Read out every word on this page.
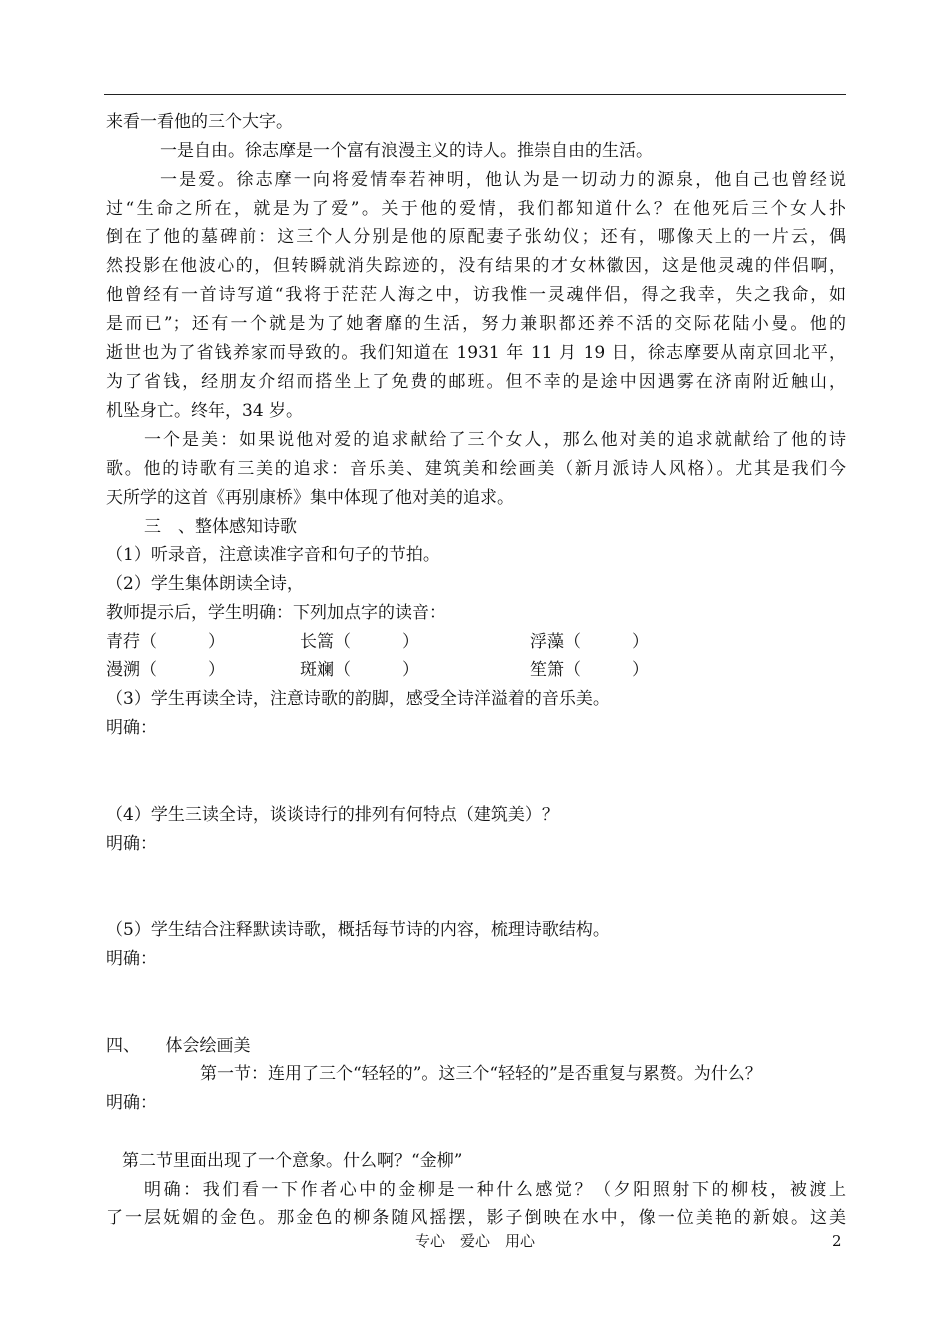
来看一看他的三个大字。
一是自由。徐志摩是一个富有浪漫主义的诗人。推崇自由的生活。
一是爱。徐志摩一向将爱情奉若神明，他认为是一切动力的源泉，他自己也曾经说
过“生命之所在，就是为了爱”。关于他的爱情，我们都知道什么？在他死后三个女人扑
倒在了他的墓碑前：这三个人分别是他的原配妻子张幼仪；还有，哪像天上的一片云，偶
然投影在他波心的，但转瞬就消失踪迹的，没有结果的才女林徽因，这是他灵魂的伴侣啊，
他曾经有一首诗写道“我将于茫茫人海之中，访我惟一灵魂伴侣，得之我幸，失之我命，如
是而已”；还有一个就是为了她奢靡的生活，努力兼职都还养不活的交际花陆小曼。他的
逝世也为了省钱养家而导致的。我们知道在 1931 年 11 月 19 日，徐志摩要从南京回北平，
为了省钱，经朋友介绍而搭坐上了免费的邮班。但不幸的是途中因遇雾在济南附近触山，
机坠身亡。终年，34 岁。
一个是美：如果说他对爱的追求献给了三个女人，那么他对美的追求就献给了他的诗
歌。他的诗歌有三美的追求：音乐美、建筑美和绘画美（新月派诗人风格）。尤其是我们今
天所学的这首《再别康桥》集中体现了他对美的追求。
三　、整体感知诗歌
（1）听录音，注意读准字音和句子的节拍。
（2）学生集体朗读全诗，
教师提示后，学生明确：下列加点字的读音：
青荇（　　　）	长篙（　　　）	浮藻（　　　）
漫溯（　　　）	斑斓（　　　）	笙箫（　　　）
（3）学生再读全诗，注意诗歌的韵脚，感受全诗洋溢着的音乐美。
明确：
（4）学生三读全诗，谈谈诗行的排列有何特点（建筑美）？
明确：
（5）学生结合注释默读诗歌，概括每节诗的内容，梳理诗歌结构。
明确：
四、　　体会绘画美
第一节：连用了三个“轻轻的”。这三个“轻轻的”是否重复与累赘。为什么？
明确：
第二节里面出现了一个意象。什么啊？“金柳”
明确：我们看一下作者心中的金柳是一种什么感觉？（夕阳照射下的柳枝，被渡上
了一层妩媚的金色。那金色的柳条随风摇摆，影子倒映在水中，像一位美艳的新娘。这美
专心　爱心　用心	2
